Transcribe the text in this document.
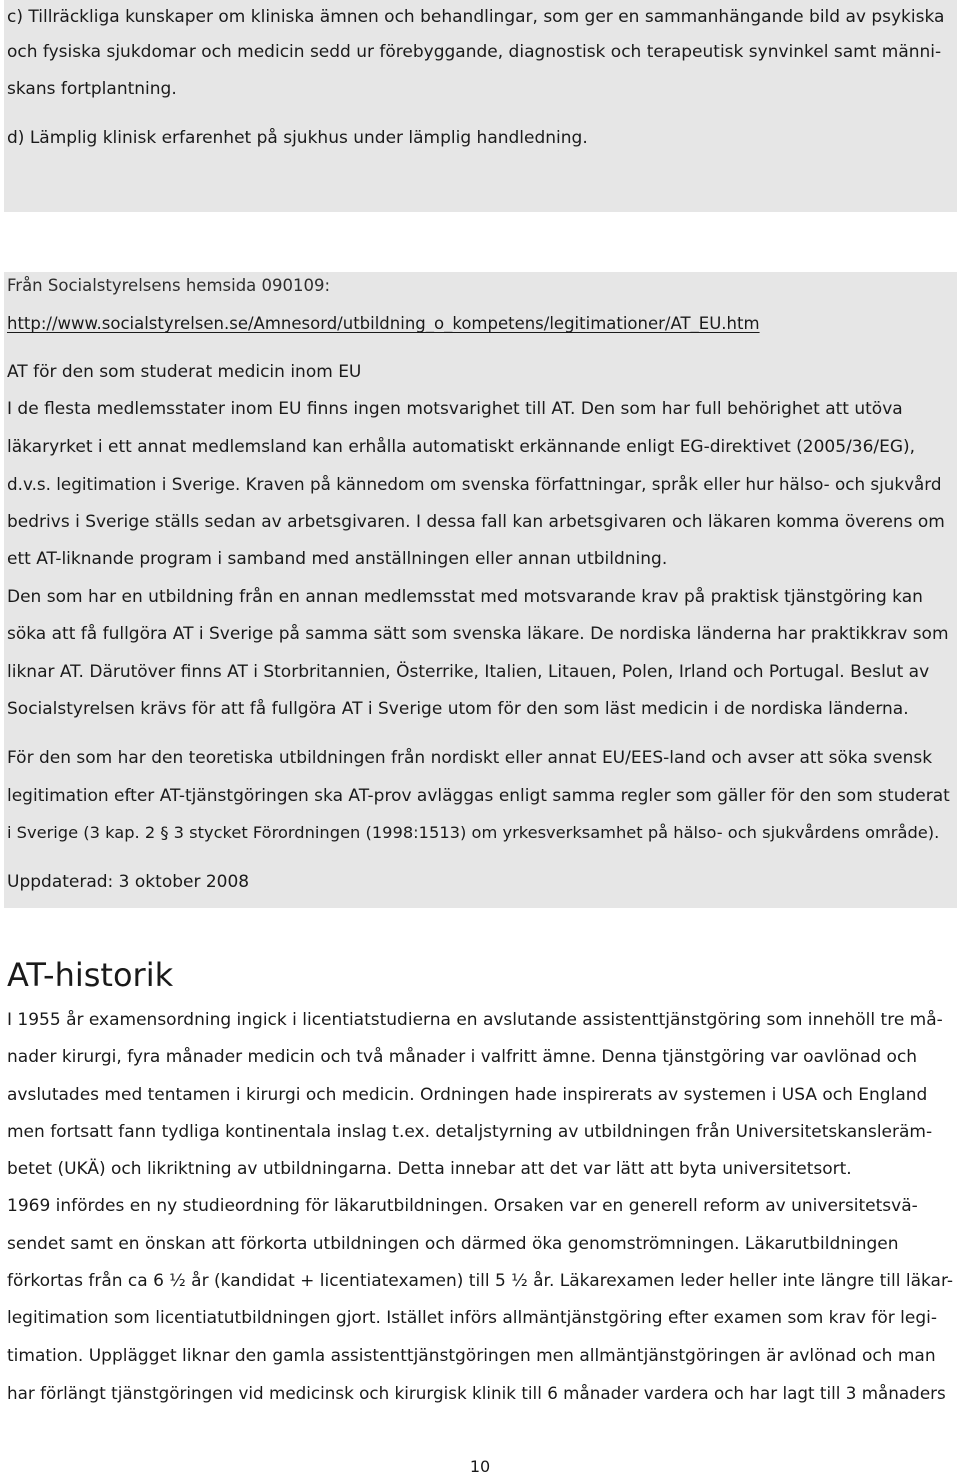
c) Tillräckliga kunskaper om kliniska ämnen och behandlingar, som ger en sammanhängande bild av psykiska

och fysiska sjukdomar och medicin sedd ur förebyggande, diagnostisk och terapeutisk synvinkel samt männi-

skans fortplantning.

d) Lämplig klinisk erfarenhet på sjukhus under lämplig handledning.

Från Socialstyrelsens hemsida 090109:

http://www.socialstyrelsen.se/Amnesord/utbildning_o_kompetens/legitimationer/AT_EU.htm

AT för den som studerat medicin inom EU

I de flesta medlemsstater inom EU finns ingen motsvarighet till AT. Den som har full behörighet att utöva

läkaryrket i ett annat medlemsland kan erhålla automatiskt erkännande enligt EG-direktivet (2005/36/EG),

d.v.s. legitimation i Sverige. Kraven på kännedom om svenska författningar, språk eller hur hälso- och sjukvård

bedrivs i Sverige ställs sedan av arbetsgivaren. I dessa fall kan arbetsgivaren och läkaren komma överens om

ett AT-liknande program i samband med anställningen eller annan utbildning.

Den som har en utbildning från en annan medlemsstat med motsvarande krav på praktisk tjänstgöring kan

söka att få fullgöra AT i Sverige på samma sätt som svenska läkare. De nordiska länderna har praktikkrav som

liknar AT. Därutöver finns AT i Storbritannien, Österrike, Italien, Litauen, Polen, Irland och Portugal. Beslut av

Socialstyrelsen krävs för att få fullgöra AT i Sverige utom för den som läst medicin i de nordiska länderna.

För den som har den teoretiska utbildningen från nordiskt eller annat EU/EES-land och avser att söka svensk

legitimation efter AT-tjänstgöringen ska AT-prov avläggas enligt samma regler som gäller för den som studerat

i Sverige (3 kap. 2 § 3 stycket Förordningen (1998:1513) om yrkesverksamhet på hälso- och sjukvårdens område).

Uppdaterad: 3 oktober 2008

AT-historik

I 1955 år examensordning ingick i licentiatstudierna en avslutande assistenttjänstgöring som innehöll tre må-

nader kirurgi, fyra månader medicin och två månader i valfritt ämne. Denna tjänstgöring var oavlönad och

avslutades med tentamen i kirurgi och medicin. Ordningen hade inspirerats av systemen i USA och England

men fortsatt fann tydliga kontinentala inslag t.ex. detaljstyrning av utbildningen från Universitetskansleräm-

betet (UKÄ) och likriktning av utbildningarna. Detta innebar att det var lätt att byta universitetsort.

1969 infördes en ny studieordning för läkarutbildningen. Orsaken var en generell reform av universitetsvä-

sendet samt en önskan att förkorta utbildningen och därmed öka genomströmningen. Läkarutbildningen

förkortas från ca 6 ½ år (kandidat + licentiatexamen) till 5 ½ år. Läkarexamen leder heller inte längre till läkar-

legitimation som licentiatutbildningen gjort. Istället införs allmäntjänstgöring efter examen som krav för legi-

timation. Upplägget liknar den gamla assistenttjänstgöringen men allmäntjänstgöringen är avlönad och man

har förlängt tjänstgöringen vid medicinsk och kirurgisk klinik till 6 månader vardera och har lagt till 3 månaders

10
